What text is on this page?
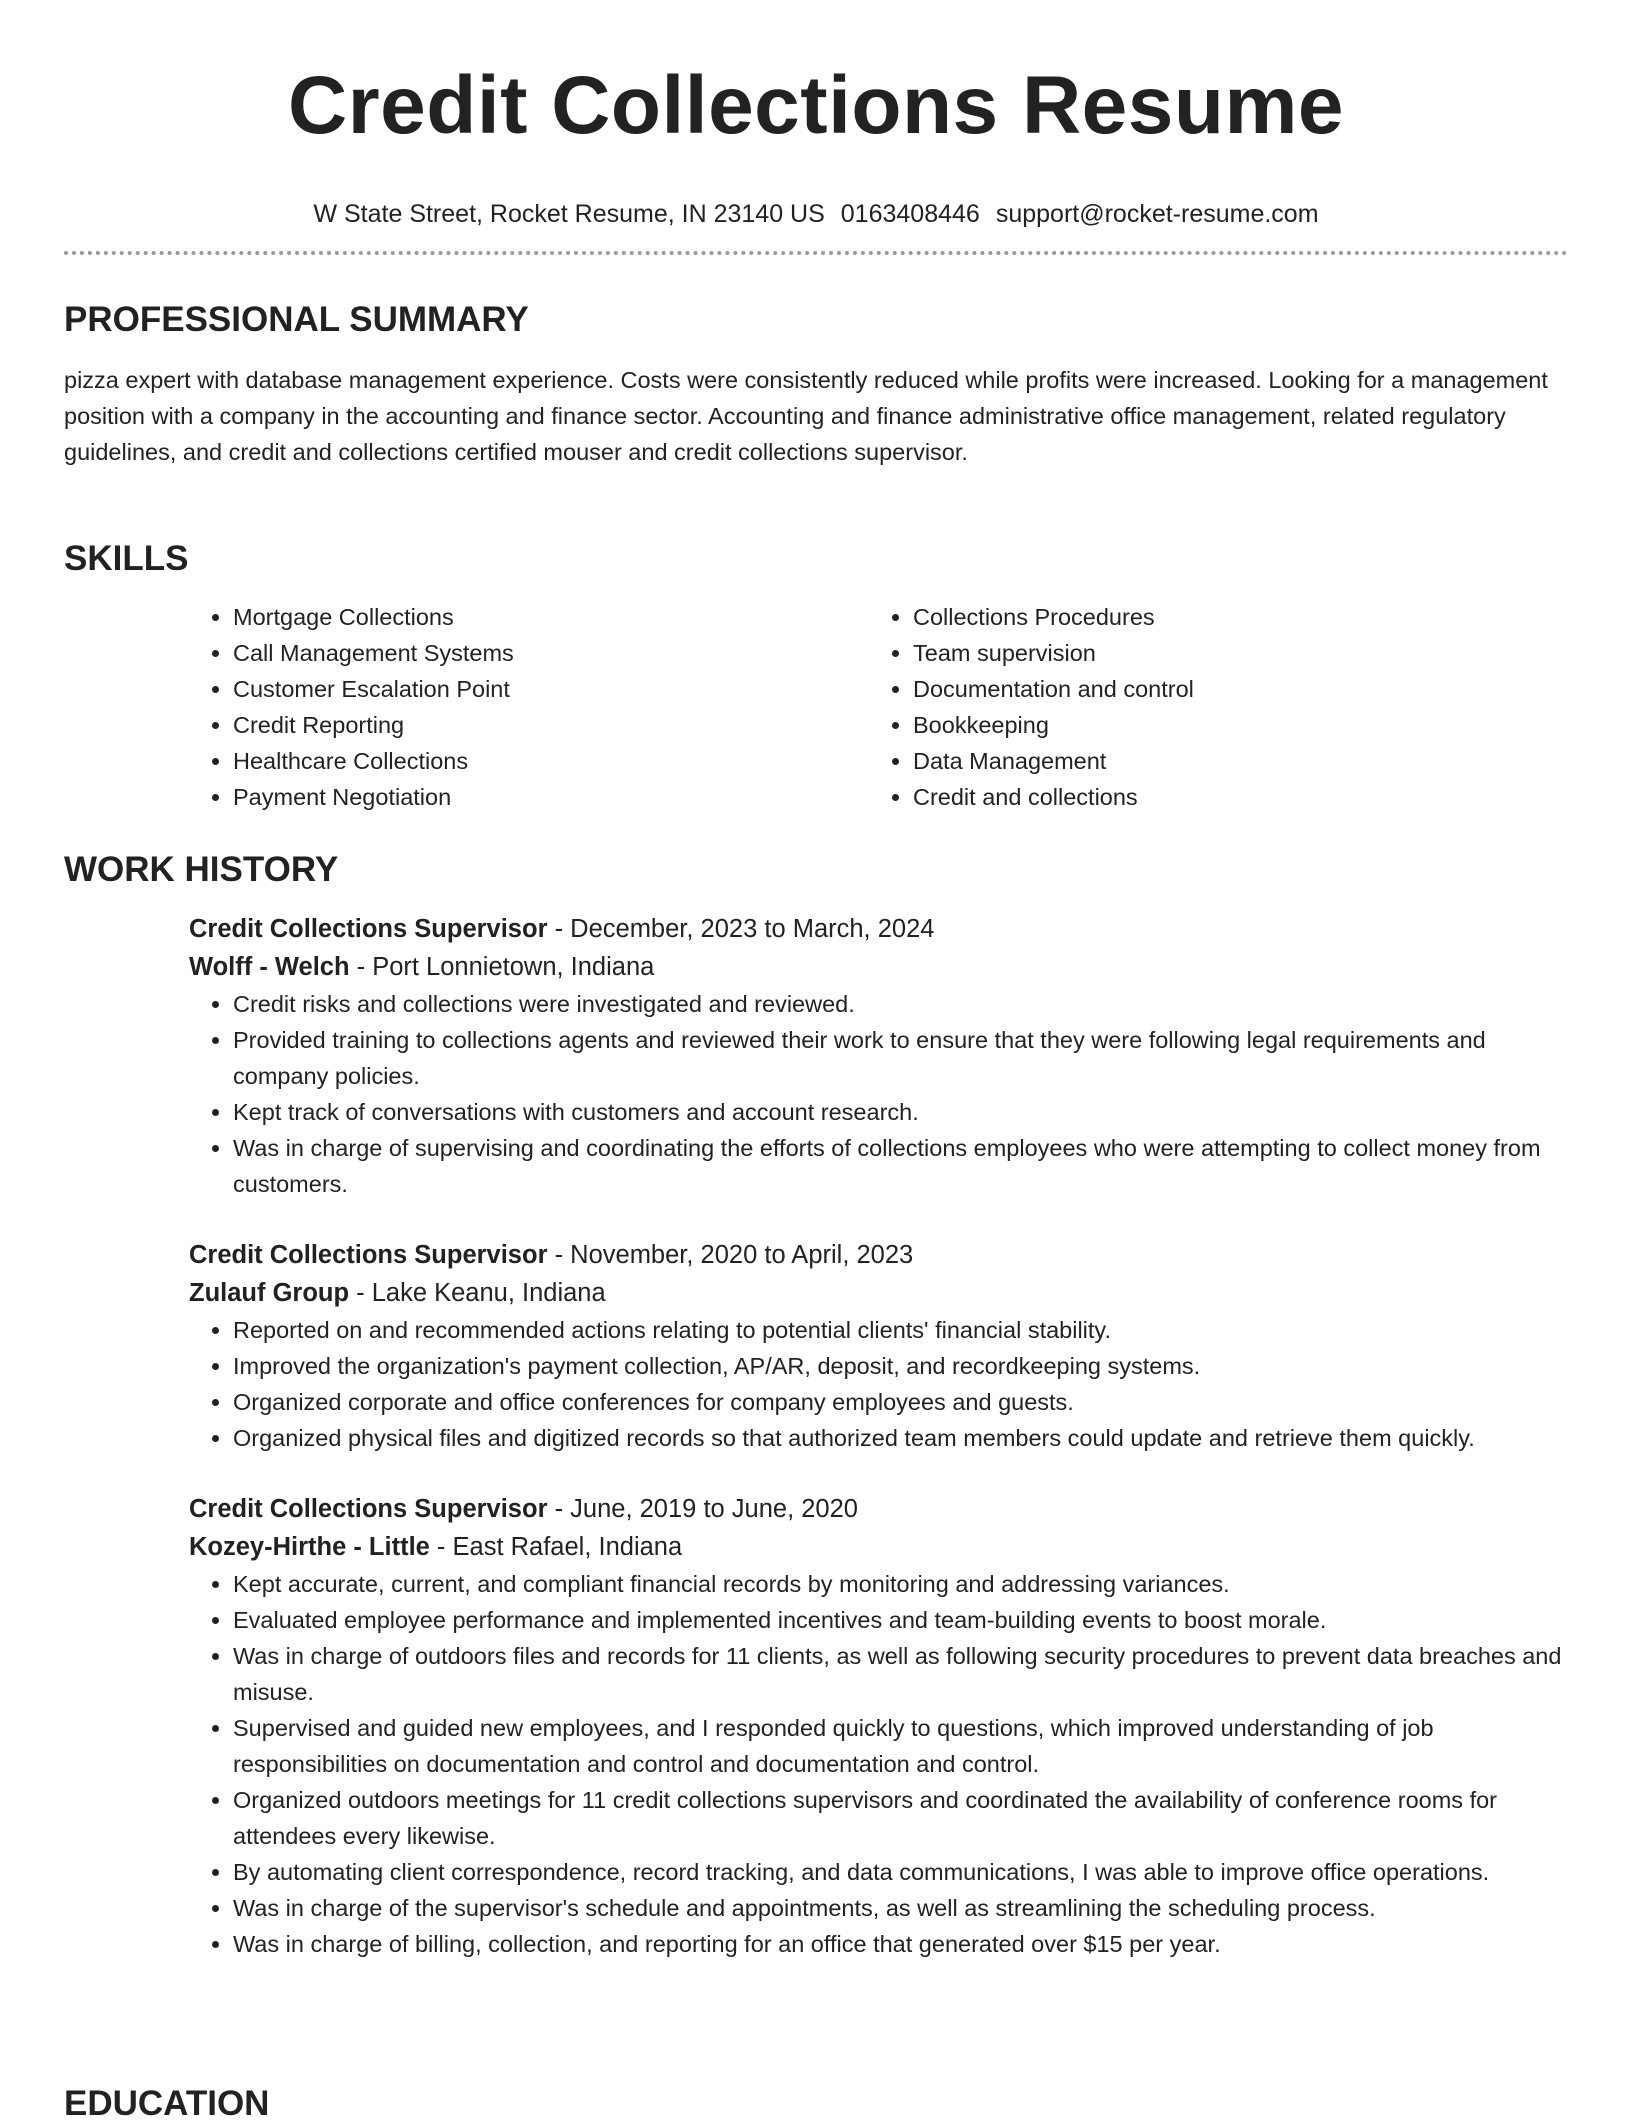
Credit Collections Resume
W State Street, Rocket Resume, IN 23140 US 0163408446 support@rocket-resume.com
PROFESSIONAL SUMMARY

pizza expert with database management experience. Costs were consistently reduced while profits were increased. Looking for a management position with a company in the accounting and finance sector. Accounting and finance administrative office management, related regulatory guidelines, and credit and collections certified mouser and credit collections supervisor.

SKILLS
• Mortgage Collections
• Call Management Systems
• Customer Escalation Point
• Credit Reporting
• Healthcare Collections
• Payment Negotiation
• Collections Procedures
• Team supervision
• Documentation and control
• Bookkeeping
• Data Management
• Credit and collections
WORK HISTORY
Credit Collections Supervisor - December, 2023 to March, 2024
Wolff - Welch - Port Lonnietown, Indiana
• Credit risks and collections were investigated and reviewed.
• Provided training to collections agents and reviewed their work to ensure that they were following legal requirements and company policies.
• Kept track of conversations with customers and account research.
• Was in charge of supervising and coordinating the efforts of collections employees who were attempting to collect money from customers.
Credit Collections Supervisor - November, 2020 to April, 2023
Zulauf Group - Lake Keanu, Indiana
• Reported on and recommended actions relating to potential clients' financial stability.
• Improved the organization's payment collection, AP/AR, deposit, and recordkeeping systems.
• Organized corporate and office conferences for company employees and guests.
• Organized physical files and digitized records so that authorized team members could update and retrieve them quickly.
Credit Collections Supervisor - June, 2019 to June, 2020
Kozey-Hirthe - Little - East Rafael, Indiana
• Kept accurate, current, and compliant financial records by monitoring and addressing variances.
• Evaluated employee performance and implemented incentives and team-building events to boost morale.
• Was in charge of outdoors files and records for 11 clients, as well as following security procedures to prevent data breaches and misuse.
• Supervised and guided new employees, and I responded quickly to questions, which improved understanding of job responsibilities on documentation and control and documentation and control.
• Organized outdoors meetings for 11 credit collections supervisors and coordinated the availability of conference rooms for attendees every likewise.
• By automating client correspondence, record tracking, and data communications, I was able to improve office operations.
• Was in charge of the supervisor's schedule and appointments, as well as streamlining the scheduling process.
• Was in charge of billing, collection, and reporting for an office that generated over $15 per year.
EDUCATION
